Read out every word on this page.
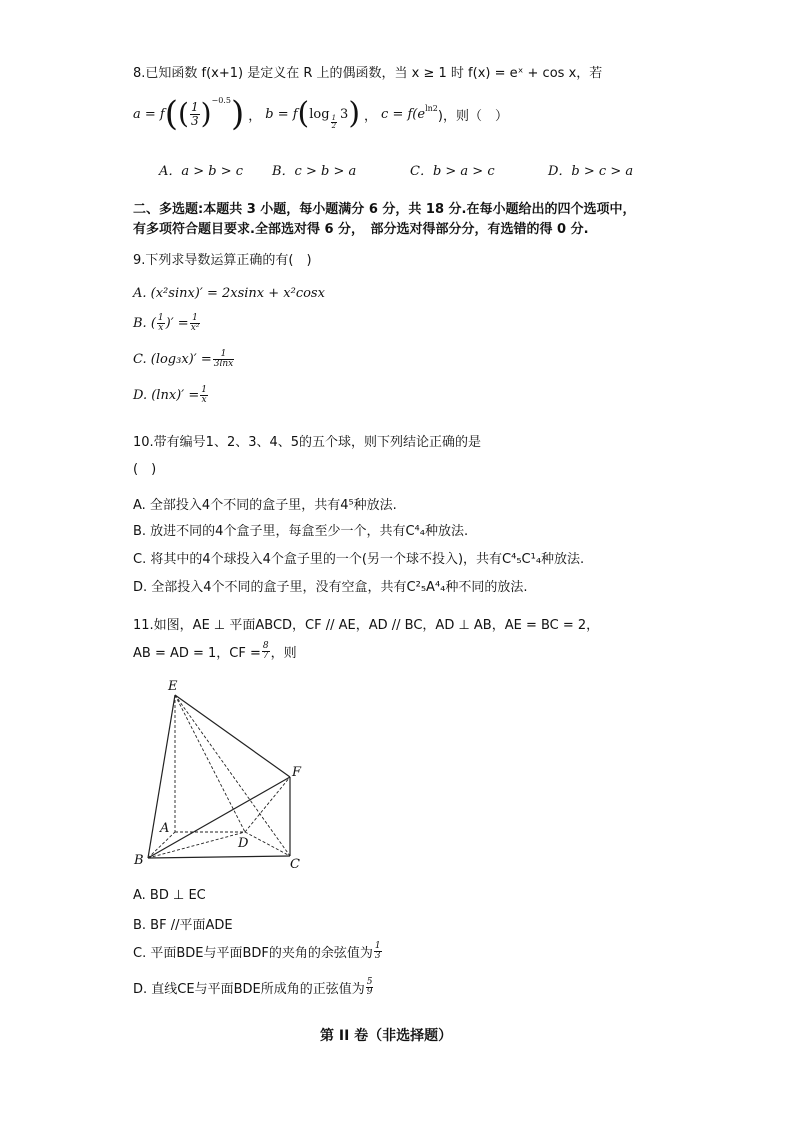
8.已知函数 f(x+1) 是定义在 R 上的偶函数，当 x ≥ 1 时 f(x) = eˣ + cos x，若
a = f ( ( $\frac{1}{3}$ ) −0.5 ) ， b = f ( log
$\frac{1}{2}$
3 ) ， c = f(e ln2
)，则（　）
A．a > b > c B．c > b > a	C．b > a > c	D．b > c > a
二、多选题:本题共 3 小题，每小题满分 6 分，共 18 分.在每小题给出的四个选项中，
有多项符合题目要求.全部选对得 6 分，　部分选对得部分分，有选错的得 0 分.
9.下列求导数运算正确的有(　)
A. (x²sinx)′ = 2xsinx + x²cosx
B. ( $\frac{1}{x}$ )′ = $\frac{1}{\text{x²}}$
C. $(\log_3x)' = \frac{1}{3\ln x}$
D. $(\ln x)' = \frac{1}{x}$
10.带有编号1、2、3、4、5的五个球，则下列结论正确的是
(　)
A. 全部投入4个不同的盒子里，共有4⁵种放法.
B. 放进不同的4个盒子里，每盒至少一个，共有C⁴₄种放法.
C. 将其中的4个球投入4个盒子里的一个(另一个球不投入)，共有C⁴₅C¹₄种放法.
D. 全部投入4个不同的盒子里，没有空盒，共有C²₅A⁴₄种不同的放法.
11.如图，AE ⊥ 平面ABCD，CF // AE，AD // BC，AD ⊥ AB，AE = BC = 2，
AB = AD = 1，CF = $\frac{8}{7}$ ，则
E
F
A
D
B	C
A. BD ⊥ EC
B. BF //平面ADE
C. 平面BDE与平面BDF的夹角的余弦值为 $\frac{1}{3}$
D. 直线CE与平面BDE所成角的正弦值为 $\frac{5}{9}$
第 II 卷（非选择题）
